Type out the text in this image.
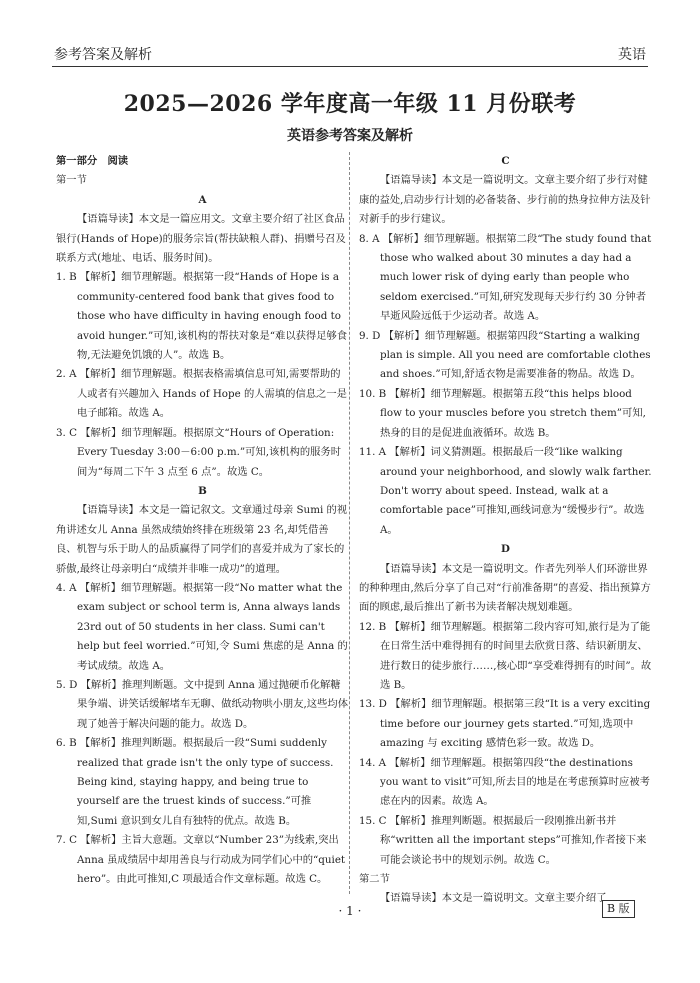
参考答案及解析	英语
2025—2026 学年度高一年级 11 月份联考
英语参考答案及解析

第一部分　阅读

第一节

A

【语篇导读】本文是一篇应用文。文章主要介绍了社区食品银行(Hands of Hope)的服务宗旨(帮扶缺粮人群)、捐赠号召及联系方式(地址、电话、服务时间)。

1. B 【解析】细节理解题。根据第一段“Hands of Hope is a community-centered food bank that gives food to those who have difficulty in having enough food to avoid hunger.”可知,该机构的帮扶对象是“难以获得足够食物,无法避免饥饿的人”。故选 B。

2. A 【解析】细节理解题。根据表格需填信息可知,需要帮助的人或者有兴趣加入 Hands of Hope 的人需填的信息之一是电子邮箱。故选 A。

3. C 【解析】细节理解题。根据原文“Hours of Operation: Every Tuesday 3:00－6:00 p.m.”可知,该机构的服务时间为“每周二下午 3 点至 6 点”。故选 C。

B

【语篇导读】本文是一篇记叙文。文章通过母亲 Sumi 的视角讲述女儿 Anna 虽然成绩始终排在班级第 23 名,却凭借善良、机智与乐于助人的品质赢得了同学们的喜爱并成为了家长的骄傲,最终让母亲明白“成绩并非唯一成功”的道理。

4. A 【解析】细节理解题。根据第一段“No matter what the exam subject or school term is, Anna always lands 23rd out of 50 students in her class. Sumi can't help but feel worried.”可知,令 Sumi 焦虑的是 Anna 的考试成绩。故选 A。

5. D 【解析】推理判断题。文中提到 Anna 通过抛硬币化解糖果争端、讲笑话缓解堵车无聊、做纸动物哄小朋友,这些均体现了她善于解决问题的能力。故选 D。

6. B 【解析】推理判断题。根据最后一段“Sumi suddenly realized that grade isn't the only type of success. Being kind, staying happy, and being true to yourself are the truest kinds of success.”可推知,Sumi 意识到女儿自有独特的优点。故选 B。

7. C 【解析】主旨大意题。文章以“Number 23”为线索,突出 Anna 虽成绩居中却用善良与行动成为同学们心中的“quiet hero”。由此可推知,C 项最适合作文章标题。故选 C。

C

【语篇导读】本文是一篇说明文。文章主要介绍了步行对健康的益处,启动步行计划的必备装备、步行前的热身拉伸方法及针对新手的步行建议。

8. A 【解析】细节理解题。根据第二段“The study found that those who walked about 30 minutes a day had a much lower risk of dying early than people who seldom exercised.”可知,研究发现每天步行约 30 分钟者早逝风险远低于少运动者。故选 A。

9. D 【解析】细节理解题。根据第四段“Starting a walking plan is simple. All you need are comfortable clothes and shoes.”可知,舒适衣物是需要准备的物品。故选 D。

10. B 【解析】细节理解题。根据第五段“this helps blood flow to your muscles before you stretch them”可知,热身的目的是促进血液循环。故选 B。

11. A 【解析】词义猜测题。根据最后一段“like walking around your neighborhood, and slowly walk farther. Don't worry about speed. Instead, walk at a comfortable pace”可推知,画线词意为“缓慢步行”。故选 A。

D

【语篇导读】本文是一篇说明文。作者先列举人们环游世界的种种理由,然后分享了自己对“行前准备期”的喜爱、指出预算方面的顾虑,最后推出了新书为读者解决规划难题。

12. B 【解析】细节理解题。根据第二段内容可知,旅行是为了能在日常生活中难得拥有的时间里去欣赏日落、结识新朋友、进行数日的徒步旅行……,核心即“享受难得拥有的时间”。故选 B。

13. D 【解析】细节理解题。根据第三段“It is a very exciting time before our journey gets started.”可知,选项中 amazing 与 exciting 感情色彩一致。故选 D。

14. A 【解析】细节理解题。根据第四段“the destinations you want to visit”可知,所去目的地是在考虑预算时应被考虑在内的因素。故选 A。

15. C 【解析】推理判断题。根据最后一段刚推出新书并称“written all the important steps”可推知,作者接下来可能会谈论书中的规划示例。故选 C。

第二节

【语篇导读】本文是一篇说明文。文章主要介绍了

· 1 ·	B 版
